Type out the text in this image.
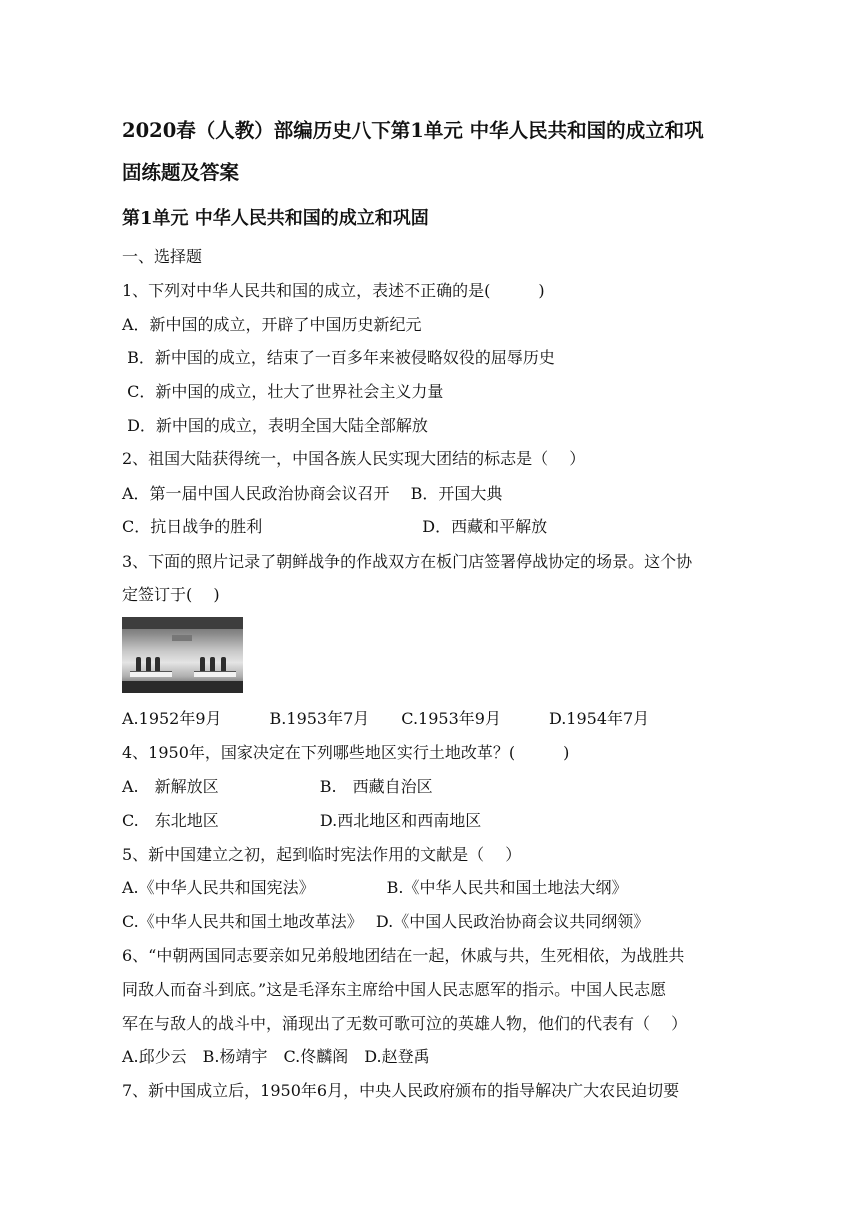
2020春（人教）部编历史八下第1单元 中华人民共和国的成立和巩
固练题及答案
第1单元 中华人民共和国的成立和巩固
一、选择题
1、下列对中华人民共和国的成立，表述不正确的是(　　　)
A．新中国的成立，开辟了中国历史新纪元
B．新中国的成立，结束了一百多年来被侵略奴役的屈辱历史
C．新中国的成立，壮大了世界社会主义力量
D．新中国的成立，表明全国大陆全部解放
2、祖国大陆获得统一，中国各族人民实现大团结的标志是（　 ）
A．第一届中国人民政治协商会议召开　 B．开国大典
C．抗日战争的胜利　　　　　　　　　　D．西藏和平解放
3、下面的照片记录了朝鲜战争的作战双方在板门店签署停战协定的场景。这个协
定签订于(　 )
A.1952年9月　　　B.1953年7月　　C.1953年9月　　　D.1954年7月
4、1950年，国家决定在下列哪些地区实行土地改革？(　　　)
A.　新解放区　　　　　　 B.　西藏自治区
C.　东北地区　　　　　　 D.西北地区和西南地区
5、新中国建立之初，起到临时宪法作用的文献是（　 ）
A.《中华人民共和国宪法》　　　　　B.《中华人民共和国土地法大纲》
C.《中华人民共和国土地改革法》　 D.《中国人民政治协商会议共同纲领》
6、“中朝两国同志要亲如兄弟般地团结在一起，休戚与共，生死相依，为战胜共
同敌人而奋斗到底。”这是毛泽东主席给中国人民志愿军的指示。中国人民志愿
军在与敌人的战斗中，涌现出了无数可歌可泣的英雄人物，他们的代表有（　 ）
A.邱少云　B.杨靖宇　C.佟麟阁　D.赵登禹
7、新中国成立后，1950年6月，中央人民政府颁布的指导解决广大农民迫切要
